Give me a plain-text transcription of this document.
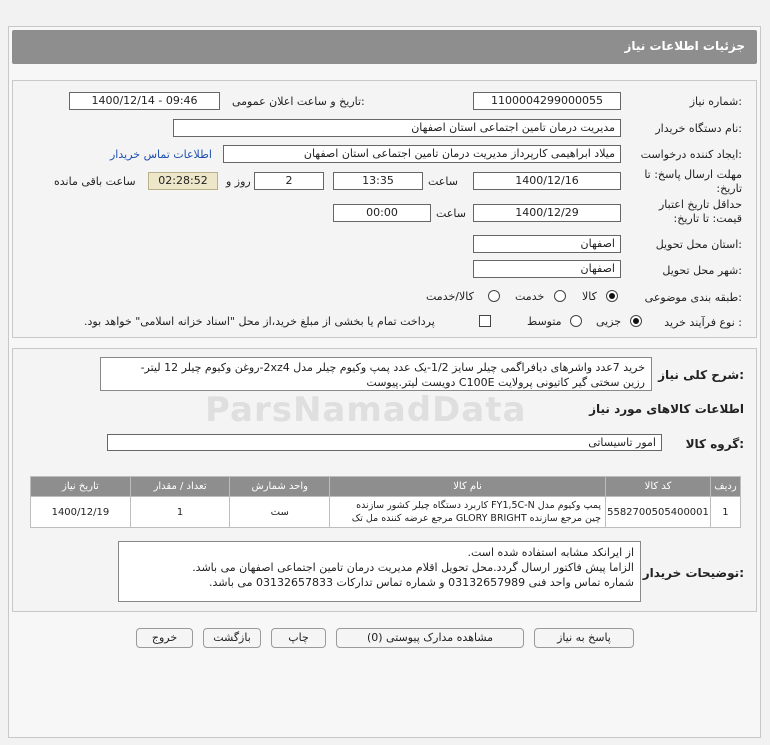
جزئیات اطلاعات نیاز
شماره نیاز:
1100004299000055
تاریخ و ساعت اعلان عمومی:
1400/12/14 - 09:46
نام دستگاه خریدار:
مدیریت درمان تامین اجتماعی استان اصفهان
ایجاد کننده درخواست:
میلاد ابراهیمی کارپرداز مدیریت درمان تامین اجتماعی استان اصفهان
اطلاعات تماس خریدار
مهلت ارسال پاسخ: تا تاریخ:
1400/12/16
ساعت
13:35
2
روز و
02:28:52
ساعت باقی مانده
حداقل تاریخ اعتبار قیمت: تا تاریخ:
1400/12/29
ساعت
00:00
استان محل تحویل:
اصفهان
شهر محل تحویل:
اصفهان
طبقه بندی موضوعی:
کالا
خدمت
کالا/خدمت
نوع فرآیند خرید :
جزیی
متوسط
پرداخت تمام یا بخشی از مبلغ خرید،از محل "اسناد خزانه اسلامی" خواهد بود.
شرح کلی نیاز:
خرید 7عدد واشرهای دیافراگمی چیلر سایز 1/2-یک عدد پمپ وکیوم چیلر مدل 2xz4-روغن وکیوم چیلر 12 لیتر-
رزین سختی گیر کاتیونی پرولایت C100E دویست لیتر.پیوست
اطلاعات کالاهای مورد نیاز
گروه کالا:
امور تاسیساتی
تاریخ نیاز	تعداد / مقدار	واحد شمارش	نام کالا	کد کالا	ردیف
1400/12/19	1	ست	پمپ وکیوم مدل FY1,5C-N کاربرد دستگاه چیلر کشور سازنده
چین مرجع سازنده GLORY BRIGHT مرجع عرضه کننده مل تک	5582700505400001	1
توضیحات خریدار:
از ایرانکد مشابه استفاده شده است.
الزاما پیش فاکتور ارسال گردد.محل تحویل اقلام مدیریت درمان تامین اجتماعی اصفهان می باشد.
شماره تماس واحد فنی 03132657989 و شماره تماس تدارکات 03132657833 می باشد.
ParsNamadData
پاسخ به نیاز
مشاهده مدارک پیوستی (0)
چاپ
بازگشت
خروج
